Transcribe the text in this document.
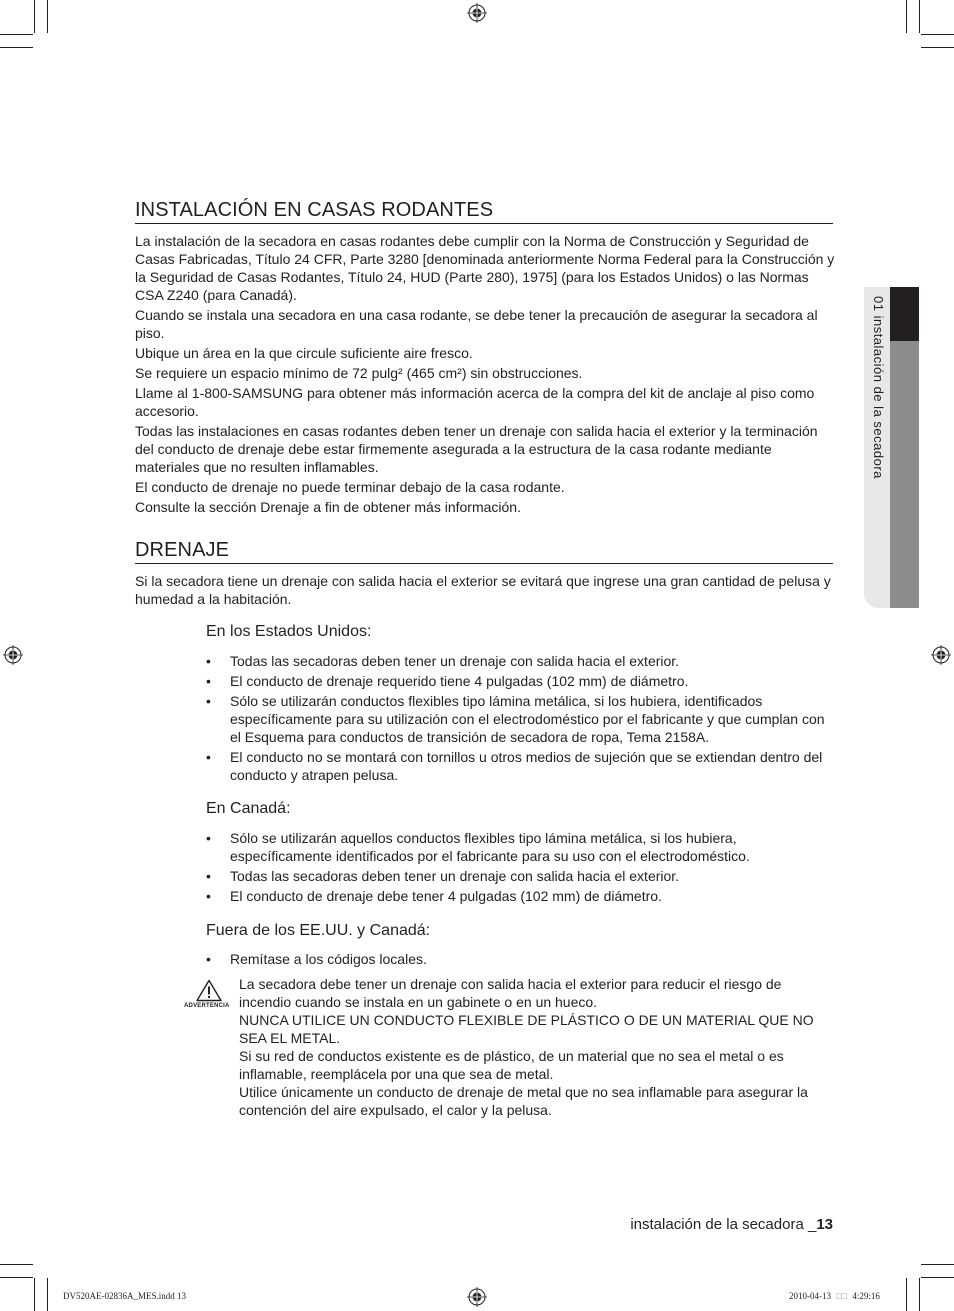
01 instalación de la secadora
INSTALACIÓN EN CASAS RODANTES

La instalación de la secadora en casas rodantes debe cumplir con la Norma de Construcción y Seguridad de Casas Fabricadas, Título 24 CFR, Parte 3280 [denominada anteriormente Norma Federal para la Construcción y la Seguridad de Casas Rodantes, Título 24, HUD (Parte 280), 1975] (para los Estados Unidos) o las Normas CSA Z240 (para Canadá).

Cuando se instala una secadora en una casa rodante, se debe tener la precaución de asegurar la secadora al piso.

Ubique un área en la que circule suficiente aire fresco.

Se requiere un espacio mínimo de 72 pulg² (465 cm²) sin obstrucciones.

Llame al 1-800-SAMSUNG para obtener más información acerca de la compra del kit de anclaje al piso como accesorio.

Todas las instalaciones en casas rodantes deben tener un drenaje con salida hacia el exterior y la terminación del conducto de drenaje debe estar firmemente asegurada a la estructura de la casa rodante mediante materiales que no resulten inflamables.

El conducto de drenaje no puede terminar debajo de la casa rodante.

Consulte la sección Drenaje a fin de obtener más información.

DRENAJE
Si la secadora tiene un drenaje con salida hacia el exterior se evitará que ingrese una gran cantidad de pelusa y humedad a la habitación.
En los Estados Unidos:
• Todas las secadoras deben tener un drenaje con salida hacia el exterior.
• El conducto de drenaje requerido tiene 4 pulgadas (102 mm) de diámetro.
• Sólo se utilizarán conductos flexibles tipo lámina metálica, si los hubiera, identificados específicamente para su utilización con el electrodoméstico por el fabricante y que cumplan con el Esquema para conductos de transición de secadora de ropa, Tema 2158A.
• El conducto no se montará con tornillos u otros medios de sujeción que se extiendan dentro del conducto y atrapen pelusa.
En Canadá:
• Sólo se utilizarán aquellos conductos flexibles tipo lámina metálica, si los hubiera, específicamente identificados por el fabricante para su uso con el electrodoméstico.
• Todas las secadoras deben tener un drenaje con salida hacia el exterior.
• El conducto de drenaje debe tener 4 pulgadas (102 mm) de diámetro.
Fuera de los EE.UU. y Canadá:
• Remítase a los códigos locales.
ADVERTENCIA

La secadora debe tener un drenaje con salida hacia el exterior para reducir el riesgo de incendio cuando se instala en un gabinete o en un hueco.

NUNCA UTILICE UN CONDUCTO FLEXIBLE DE PLÁSTICO O DE UN MATERIAL QUE NO SEA EL METAL.

Si su red de conductos existente es de plástico, de un material que no sea el metal o es inflamable, reemplácela por una que sea de metal.

Utilice únicamente un conducto de drenaje de metal que no sea inflamable para asegurar la contención del aire expulsado, el calor y la pelusa.

instalación de la secadora _13
DV520AE-02836A_MES.indd 13	2010-04-13 □□ 4:29:16
